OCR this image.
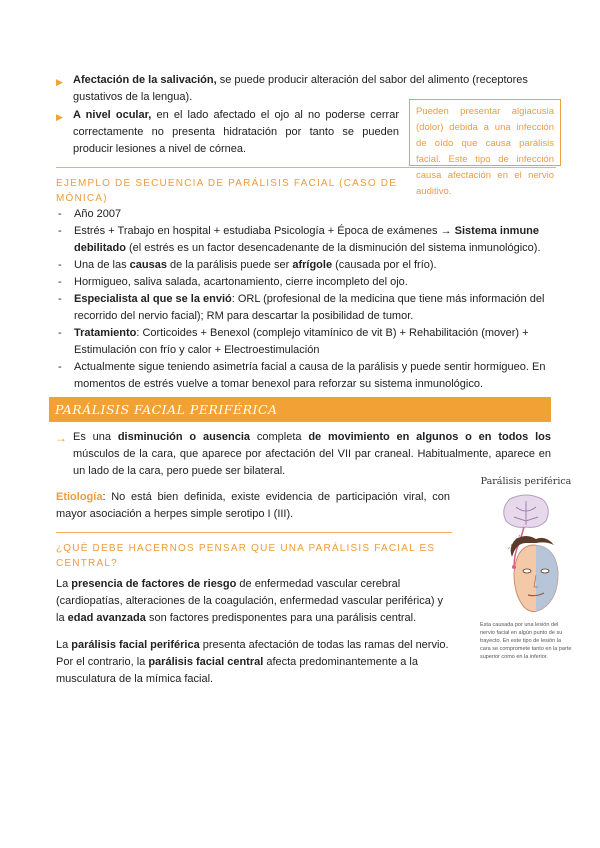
▶ Afectación de la salivación, se puede producir alteración del sabor del alimento (receptores gustativos de la lengua).
▶ A nivel ocular, en el lado afectado el ojo al no poderse cerrar correctamente no presenta hidratación por tanto se pueden producir lesiones a nivel de córnea.
Pueden presentar algiacusia (dolor) debida a una infección de oído que causa parálisis facial. Este tipo de infección causa afectación en el nervio auditivo.
EJEMPLO DE SECUENCIA DE PARÁLISIS FACIAL (CASO DE MÓNICA)
- Año 2007
- Estrés + Trabajo en hospital + estudiaba Psicología + Época de exámenes → Sistema inmune debilitado (el estrés es un factor desencadenante de la disminución del sistema inmunológico).
- Una de las causas de la parálisis puede ser afrígole (causada por el frío).
- Hormigueo, saliva salada, acartonamiento, cierre incompleto del ojo.
- Especialista al que se la envió: ORL (profesional de la medicina que tiene más información del recorrido del nervio facial); RM para descartar la posibilidad de tumor.
- Tratamiento: Corticoides + Benexol (complejo vitamínico de vit B) + Rehabilitación (mover) + Estimulación con frío y calor + Electroestimulación
- Actualmente sigue teniendo asimetría facial a causa de la parálisis y puede sentir hormigueo. En momentos de estrés vuelve a tomar benexol para reforzar su sistema inmunológico.
PARÁLISIS FACIAL PERIFÉRICA
→ Es una disminución o ausencia completa de movimiento en algunos o en todos los músculos de la cara, que aparece por afectación del VII par craneal. Habitualmente, aparece en un lado de la cara, pero puede ser bilateral.
Etiología: No está bien definida, existe evidencia de participación viral, con mayor asociación a herpes simple serotipo I (III).
¿QUÉ DEBE HACERNOS PENSAR QUE UNA PARÁLISIS FACIAL ES CENTRAL?
La presencia de factores de riesgo de enfermedad vascular cerebral (cardiopatías, alteraciones de la coagulación, enfermedad vascular periférica) y la edad avanzada son factores predisponentes para una parálisis central.
La parálisis facial periférica presenta afectación de todas las ramas del nervio. Por el contrario, la parálisis facial central afecta predominantemente a la musculatura de la mímica facial.
Parálisis periférica
Esta causada por una lesión del nervio facial en algún punto de su trayecto. En este tipo de lesión la cara se compromete tanto en la parte superior como en la inferior.
